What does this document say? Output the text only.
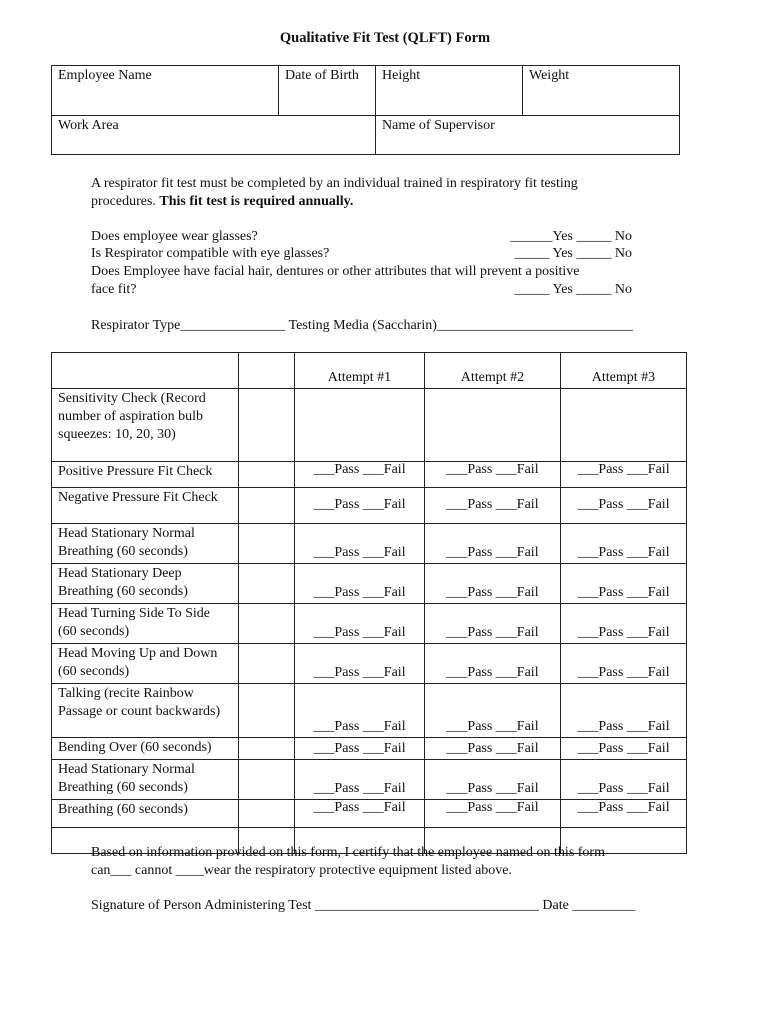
Qualitative Fit Test (QLFT) Form
Employee Name	Date of Birth	Height	Weight
Work Area		Name of Supervisor	
A respirator fit test must be completed by an individual trained in respiratory fit testing
procedures. This fit test is required annually.
Does employee wear glasses?	______Yes _____ No
Is Respirator compatible with eye glasses?	_____ Yes _____ No
Does Employee have facial hair, dentures or other attributes that will prevent a positive
face fit?	_____ Yes _____ No
Respirator Type_______________ Testing Media (Saccharin)____________________________
		Attempt #1	Attempt #2	Attempt #3
Sensitivity Check (Record number of aspiration bulb squeezes: 10, 20, 30)				
Positive Pressure Fit Check		___Pass ___Fail	___Pass ___Fail	___Pass ___Fail
Negative Pressure Fit Check		___Pass ___Fail	___Pass ___Fail	___Pass ___Fail
Head Stationary Normal Breathing (60 seconds)		___Pass ___Fail	___Pass ___Fail	___Pass ___Fail
Head Stationary Deep Breathing (60 seconds)		___Pass ___Fail	___Pass ___Fail	___Pass ___Fail
Head Turning Side To Side (60 seconds)		___Pass ___Fail	___Pass ___Fail	___Pass ___Fail
Head Moving Up and Down (60 seconds)		___Pass ___Fail	___Pass ___Fail	___Pass ___Fail
Talking (recite Rainbow Passage or count backwards)		___Pass ___Fail	___Pass ___Fail	___Pass ___Fail
Bending Over (60 seconds)		___Pass ___Fail	___Pass ___Fail	___Pass ___Fail
Head Stationary Normal Breathing (60 seconds)		___Pass ___Fail	___Pass ___Fail	___Pass ___Fail
Breathing (60 seconds)		___Pass ___Fail	___Pass ___Fail	___Pass ___Fail

Based on information provided on this form, I certify that the employee named on this form
can___ cannot ____wear the respiratory protective equipment listed above.
Signature of Person Administering Test ________________________________ Date _________
